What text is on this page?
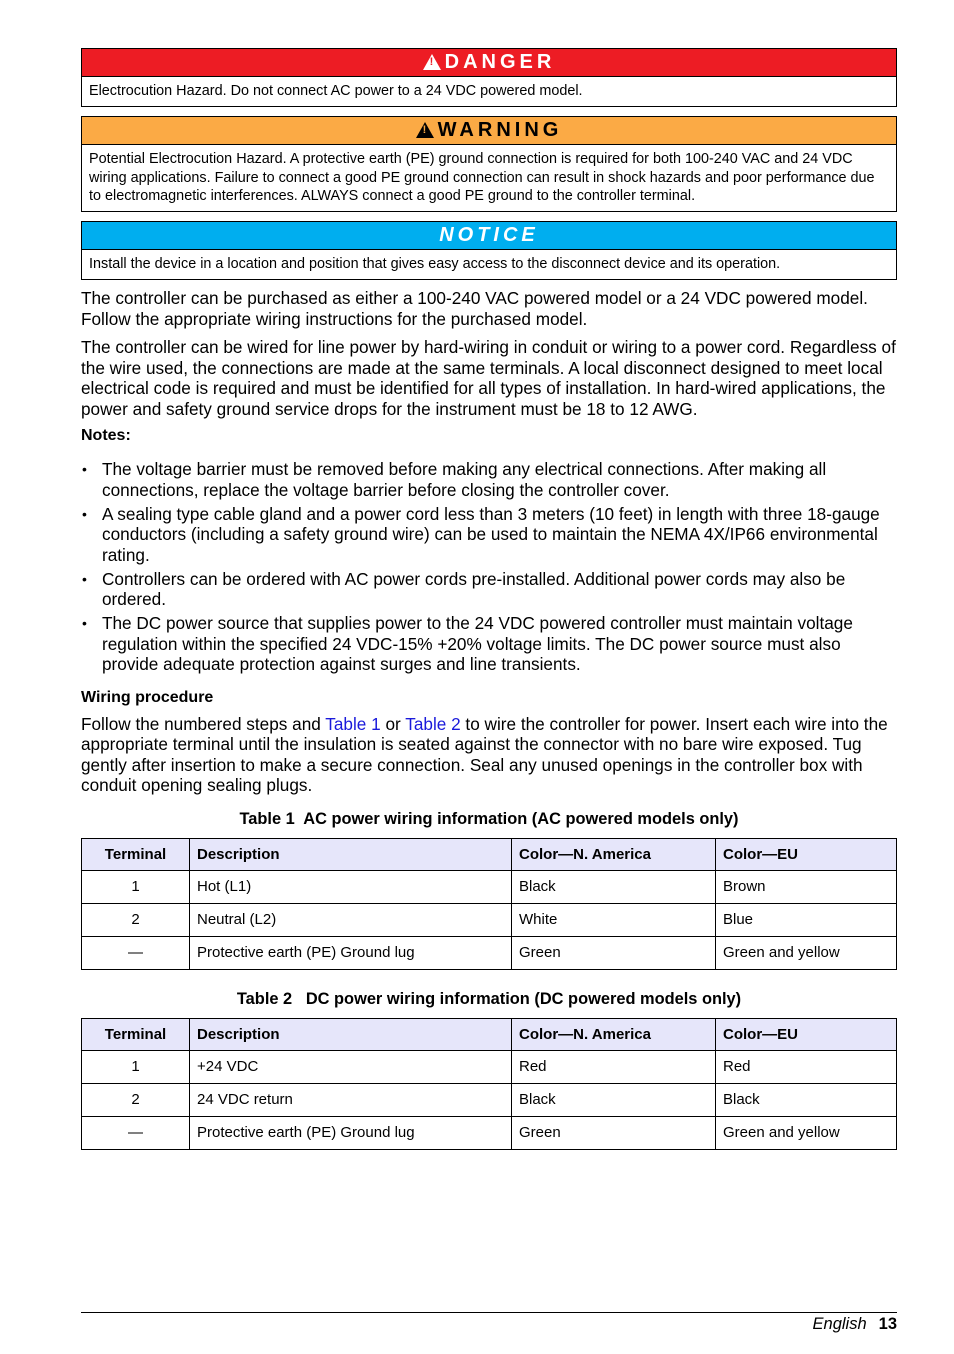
!
DANGER
Electrocution Hazard. Do not connect AC power to a 24 VDC powered model.
!
WARNING
Potential Electrocution Hazard. A protective earth (PE) ground connection is required for both 100-240 VAC and 24 VDC wiring applications. Failure to connect a good PE ground connection can result in shock hazards and poor performance due to electromagnetic interferences. ALWAYS connect a good PE ground to the controller terminal.
NOTICE
Install the device in a location and position that gives easy access to the disconnect device and its operation.

The controller can be purchased as either a 100-240 VAC powered model or a 24 VDC powered model. Follow the appropriate wiring instructions for the purchased model.

The controller can be wired for line power by hard-wiring in conduit or wiring to a power cord. Regardless of the wire used, the connections are made at the same terminals. A local disconnect designed to meet local electrical code is required and must be identified for all types of installation. In hard-wired applications, the power and safety ground service drops for the instrument must be 18 to 12 AWG.

Notes:
• The voltage barrier must be removed before making any electrical connections. After making all connections, replace the voltage barrier before closing the controller cover.
• A sealing type cable gland and a power cord less than 3 meters (10 feet) in length with three 18-gauge conductors (including a safety ground wire) can be used to maintain the NEMA 4X/IP66 environmental rating.
• Controllers can be ordered with AC power cords pre-installed. Additional power cords may also be ordered.
• The DC power source that supplies power to the 24 VDC powered controller must maintain voltage regulation within the specified 24 VDC-15% +20% voltage limits. The DC power source must also provide adequate protection against surges and line transients.
Wiring procedure

Follow the numbered steps and Table 1 or Table 2 to wire the controller for power. Insert each wire into the appropriate terminal until the insulation is seated against the connector with no bare wire exposed. Tug gently after insertion to make a secure connection. Seal any unused openings in the controller box with conduit opening sealing plugs.

Table 1  AC power wiring information (AC powered models only)
Terminal	Description	Color—N. America	Color—EU
1	Hot (L1)	Black	Brown
2	Neutral (L2)	White	Blue
—	Protective earth (PE) Ground lug	Green	Green and yellow
Table 2   DC power wiring information (DC powered models only)
Terminal	Description	Color—N. America	Color—EU
1	+24 VDC	Red	Red
2	24 VDC return	Black	Black
—	Protective earth (PE) Ground lug	Green	Green and yellow
English 13
